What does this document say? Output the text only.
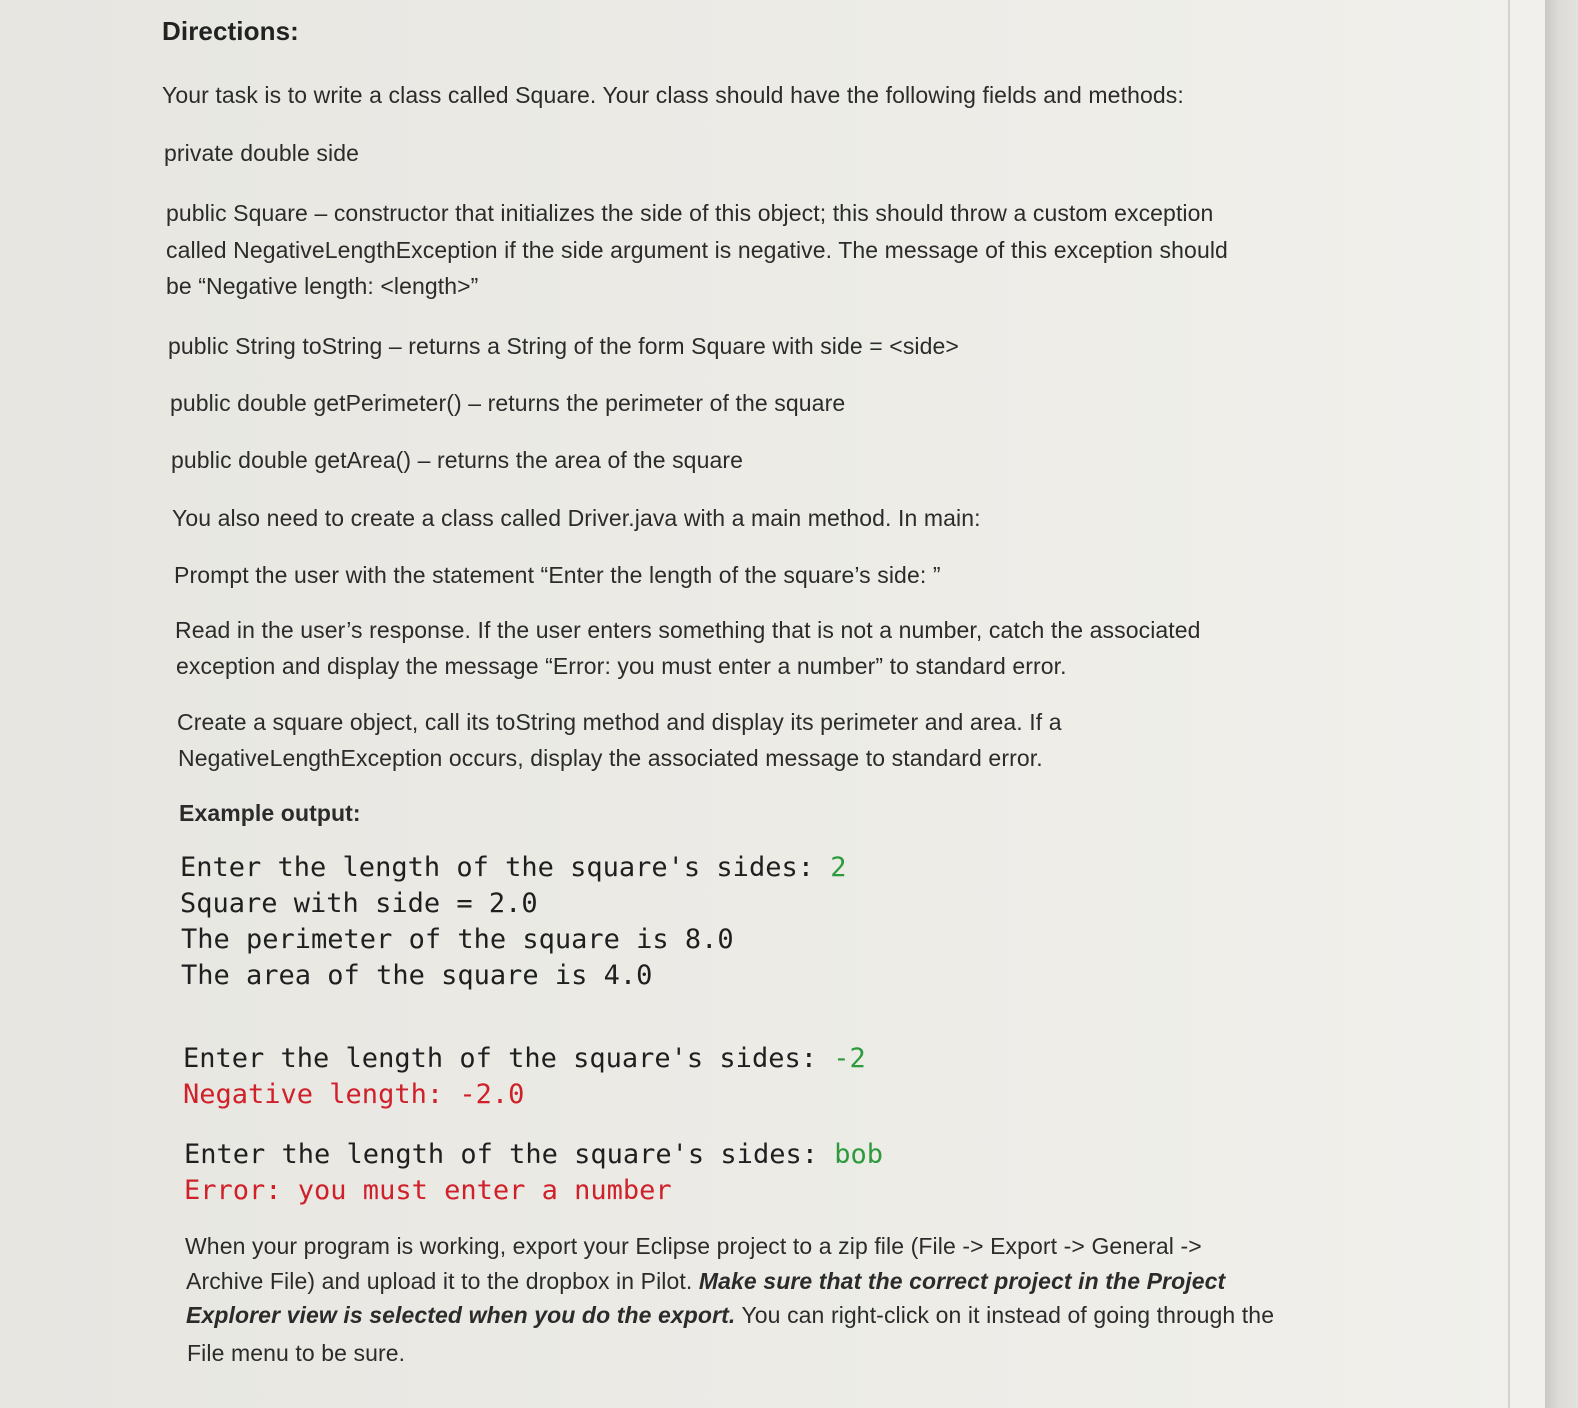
Directions:
Your task is to write a class called Square. Your class should have the following fields and methods:
private double side
public Square – constructor that initializes the side of this object; this should throw a custom exception
called NegativeLengthException if the side argument is negative. The message of this exception should
be “Negative length: <length>”
public String toString – returns a String of the form Square with side = <side>
public double getPerimeter() – returns the perimeter of the square
public double getArea() – returns the area of the square
You also need to create a class called Driver.java with a main method. In main:
Prompt the user with the statement “Enter the length of the square’s side: ”
Read in the user’s response. If the user enters something that is not a number, catch the associated
exception and display the message “Error: you must enter a number” to standard error.
Create a square object, call its toString method and display its perimeter and area. If a
NegativeLengthException occurs, display the associated message to standard error.
Example output:
Enter the length of the square's sides: 2
Square with side = 2.0
The perimeter of the square is 8.0
The area of the square is 4.0
Enter the length of the square's sides: -2
Negative length: -2.0
Enter the length of the square's sides: bob
Error: you must enter a number
When your program is working, export your Eclipse project to a zip file (File -> Export -> General ->
Archive File) and upload it to the dropbox in Pilot. Make sure that the correct project in the Project
Explorer view is selected when you do the export. You can right-click on it instead of going through the
File menu to be sure.
